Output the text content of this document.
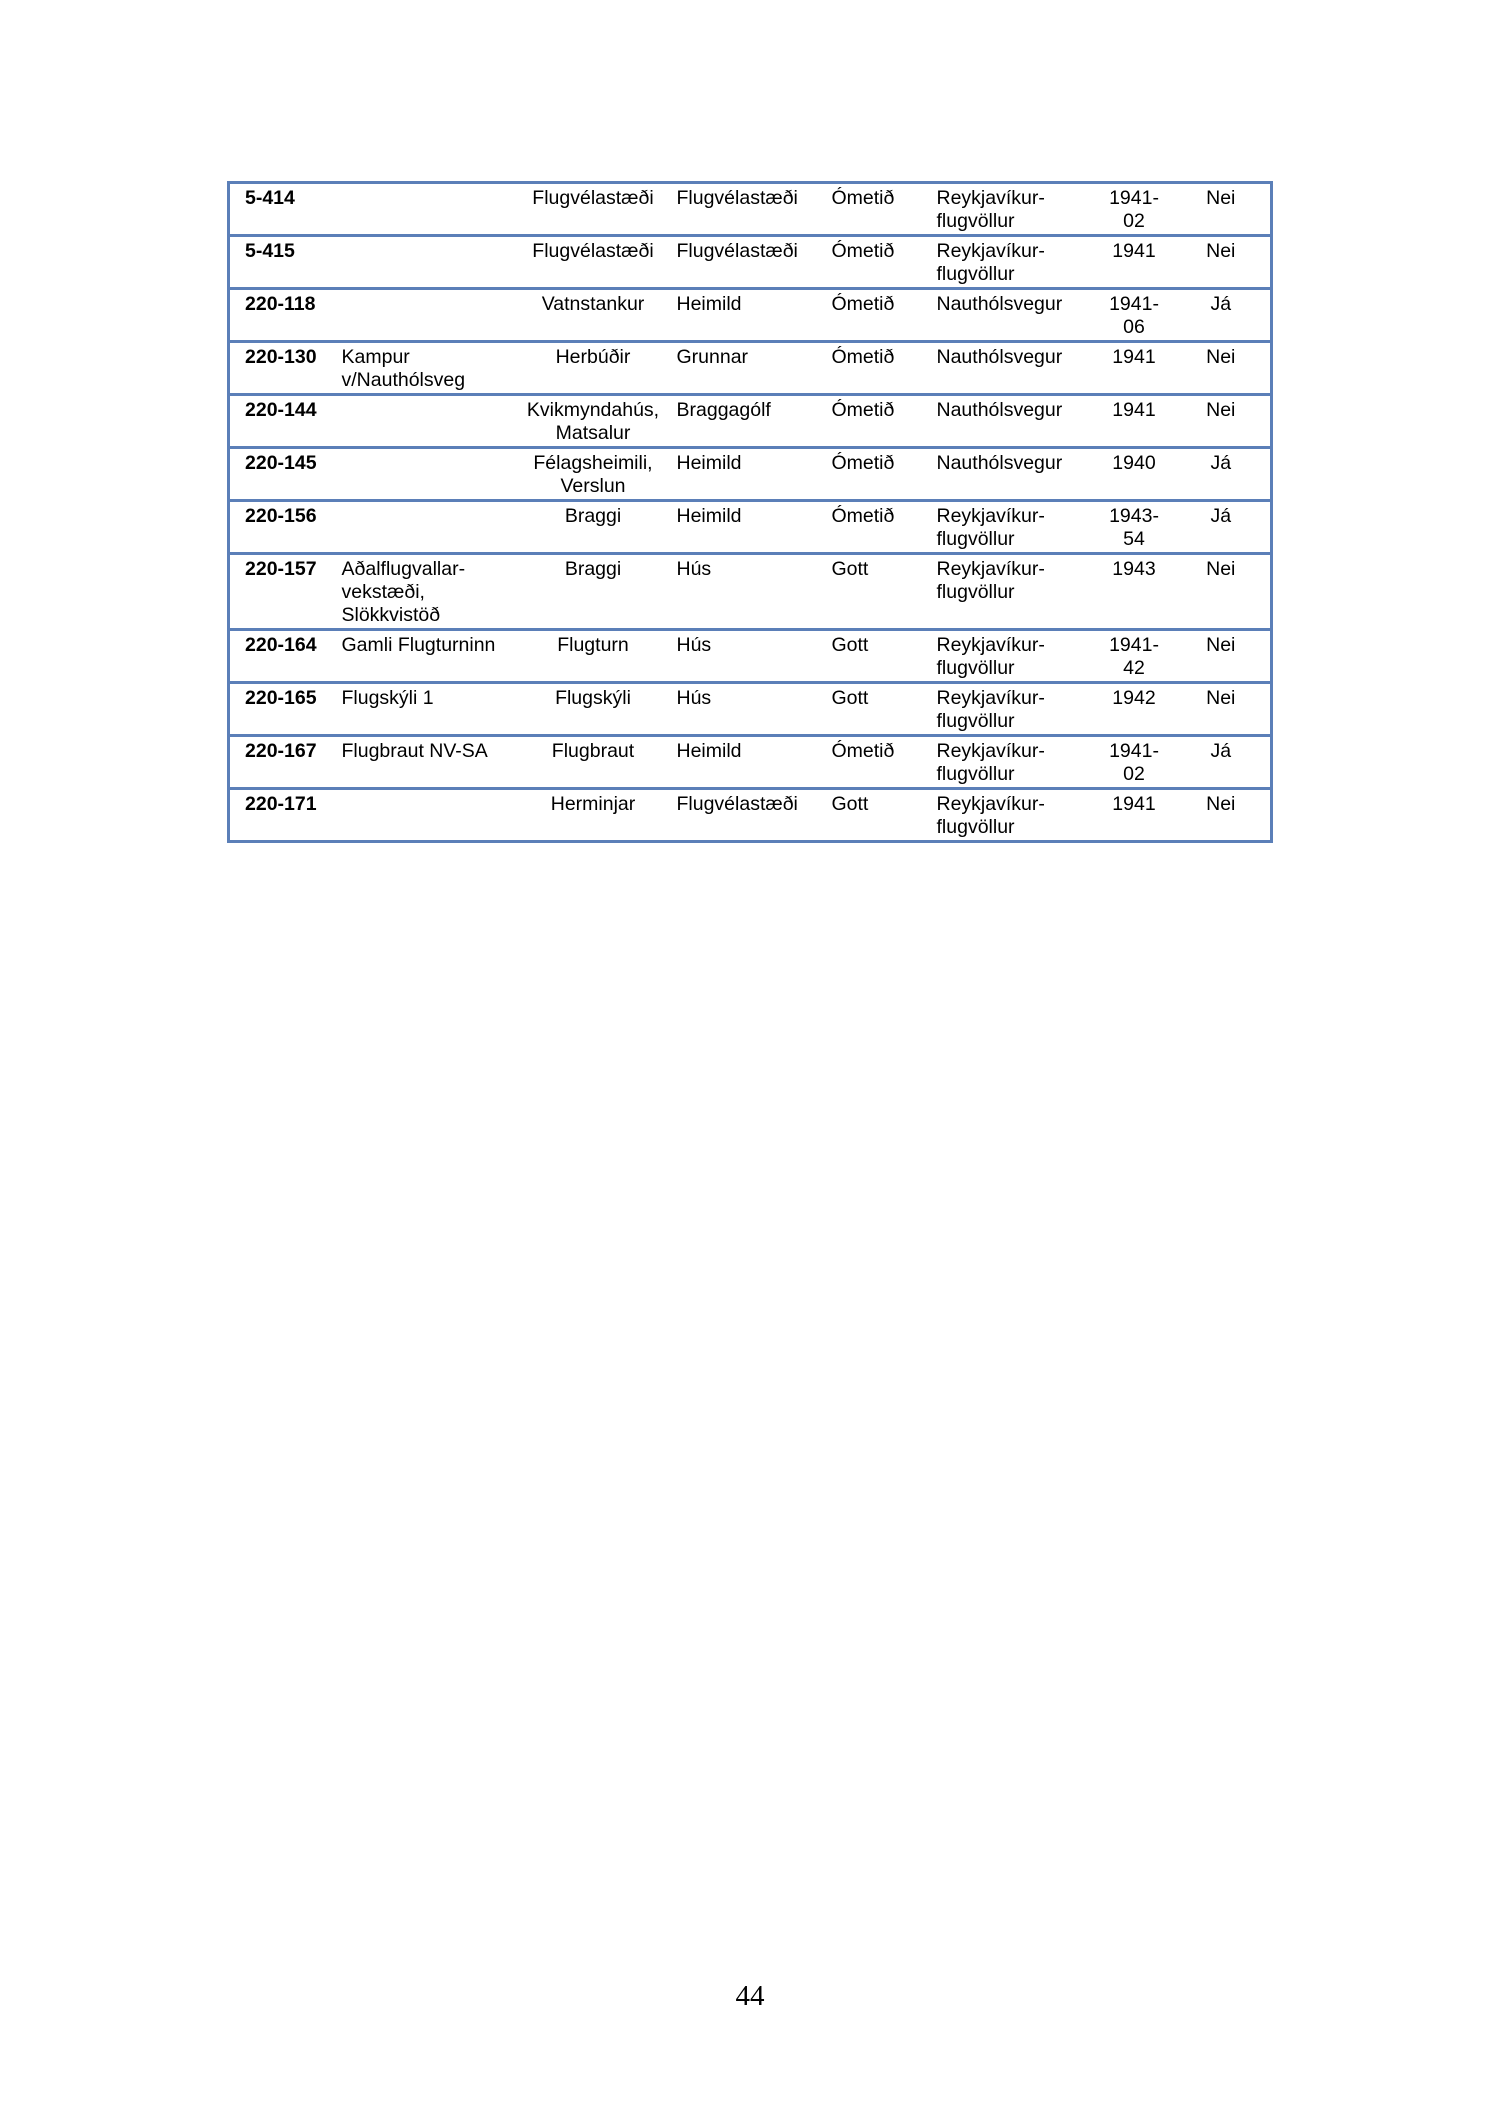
5-414		Flugvélastæði	Flugvélastæði	Ómetið	Reykjavíkur-flugvöllur	1941-02	Nei
5-415		Flugvélastæði	Flugvélastæði	Ómetið	Reykjavíkur-flugvöllur	1941	Nei
220-118		Vatnstankur	Heimild	Ómetið	Nauthólsvegur	1941-06	Já
220-130	Kampur v/Nauthólsveg	Herbúðir	Grunnar	Ómetið	Nauthólsvegur	1941	Nei
220-144		Kvikmyndahús, Matsalur	Braggagólf	Ómetið	Nauthólsvegur	1941	Nei
220-145		Félagsheimili, Verslun	Heimild	Ómetið	Nauthólsvegur	1940	Já
220-156		Braggi	Heimild	Ómetið	Reykjavíkur-flugvöllur	1943-54	Já
220-157	Aðalflugvallar-vekstæði, Slökkvistöð	Braggi	Hús	Gott	Reykjavíkur-flugvöllur	1943	Nei
220-164	Gamli Flugturninn	Flugturn	Hús	Gott	Reykjavíkur-flugvöllur	1941-42	Nei
220-165	Flugskýli 1	Flugskýli	Hús	Gott	Reykjavíkur-flugvöllur	1942	Nei
220-167	Flugbraut NV-SA	Flugbraut	Heimild	Ómetið	Reykjavíkur-flugvöllur	1941-02	Já
220-171		Herminjar	Flugvélastæði	Gott	Reykjavíkur-flugvöllur	1941	Nei
44
